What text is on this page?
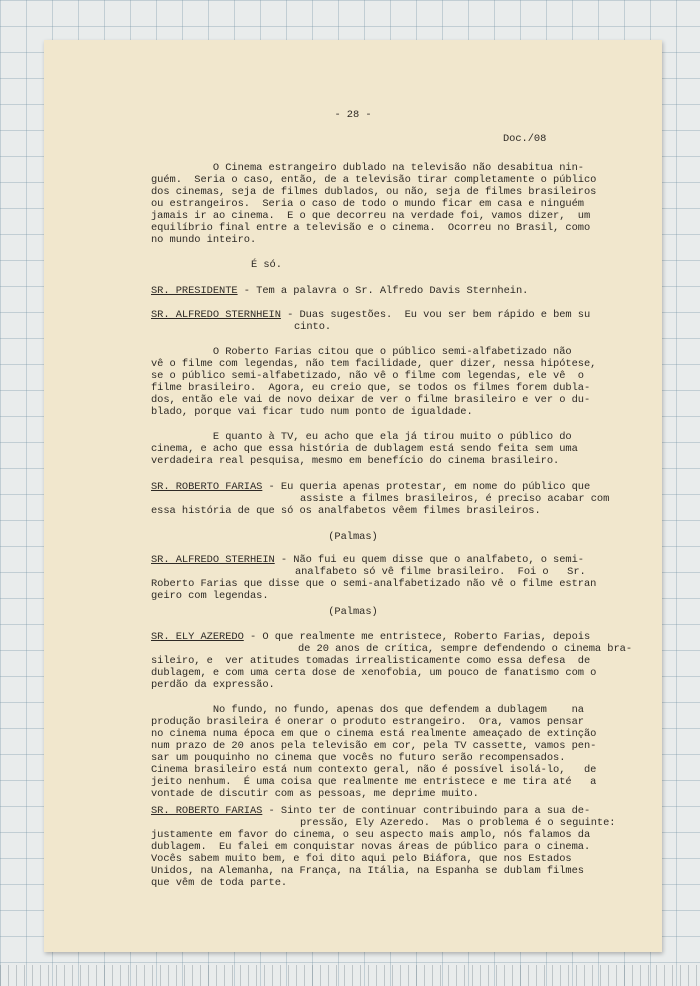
- 28 -
Doc./08
O Cinema estrangeiro dublado na televisão não desabitua nin-
guém.  Seria o caso, então, de a televisão tirar completamente o público
dos cinemas, seja de filmes dublados, ou não, seja de filmes brasileiros
ou estrangeiros.  Seria o caso de todo o mundo ficar em casa e ninguém
jamais ir ao cinema.  E o que decorreu na verdade foi, vamos dizer,  um
equilíbrio final entre a televisão e o cinema.  Ocorreu no Brasil, como
no mundo inteiro.
É só.
SR. PRESIDENTE - Tem a palavra o Sr. Alfredo Davis Sternhein.
SR. ALFREDO STERNHEIN - Duas sugestões.  Eu vou ser bem rápido e bem su
cinto.
O Roberto Farias citou que o público semi-alfabetizado não
vê o filme com legendas, não tem facilidade, quer dizer, nessa hipótese,
se o público semi-alfabetizado, não vê o filme com legendas, ele vê  o
filme brasileiro.  Agora, eu creio que, se todos os filmes forem dubla-
dos, então ele vai de novo deixar de ver o filme brasileiro e ver o du-
blado, porque vai ficar tudo num ponto de igualdade.
E quanto à TV, eu acho que ela já tirou muito o público do
cinema, e acho que essa história de dublagem está sendo feita sem uma
verdadeira real pesquisa, mesmo em benefício do cinema brasileiro.
SR. ROBERTO FARIAS - Eu queria apenas protestar, em nome do público que
assiste a filmes brasileiros, é preciso acabar com
essa história de que só os analfabetos vêem filmes brasileiros.
(Palmas)
SR. ALFREDO STERHEIN - Não fui eu quem disse que o analfabeto, o semi-
analfabeto só vê filme brasileiro.  Foi o   Sr.
Roberto Farias que disse que o semi-analfabetizado não vê o filme estran
geiro com legendas.
(Palmas)
SR. ELY AZEREDO - O que realmente me entristece, Roberto Farias, depois
de 20 anos de crítica, sempre defendendo o cinema bra-
sileiro, e  ver atitudes tomadas irrealisticamente como essa defesa  de
dublagem, e com uma certa dose de xenofobia, um pouco de fanatismo com o
perdão da expressão.
No fundo, no fundo, apenas dos que defendem a dublagem    na
produção brasileira é onerar o produto estrangeiro.  Ora, vamos pensar
no cinema numa época em que o cinema está realmente ameaçado de extinção
num prazo de 20 anos pela televisão em cor, pela TV cassette, vamos pen-
sar um pouquinho no cinema que vocês no futuro serão recompensados.
Cinema brasileiro está num contexto geral, não é possível isolá-lo,   de
jeito nenhum.  É uma coisa que realmente me entristece e me tira até   a
vontade de discutir com as pessoas, me deprime muito.
SR. ROBERTO FARIAS - Sinto ter de continuar contribuindo para a sua de-
pressão, Ely Azeredo.  Mas o problema é o seguinte:
justamente em favor do cinema, o seu aspecto mais amplo, nós falamos da
dublagem.  Eu falei em conquistar novas áreas de público para o cinema.
Vocês sabem muito bem, e foi dito aqui pelo Biáfora, que nos Estados
Unidos, na Alemanha, na França, na Itália, na Espanha se dublam filmes
que vêm de toda parte.
